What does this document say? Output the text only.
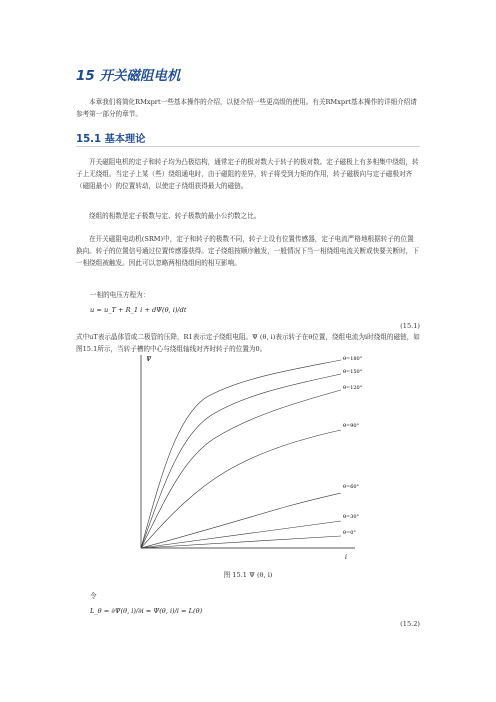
15 开关磁阻电机

本章我们将简化RMxprt一些基本操作的介绍，以便介绍一些更高级的使用。有关RMxprt基本操作的详细介绍请参考第一部分的章节。

15.1 基本理论

开关磁阻电机的定子和转子均为凸极结构，通常定子的极对数大于转子的极对数。定子磁极上有多相集中绕组，转子上无绕组。当定子上某（些）绕组通电时，由于磁阻的差异，转子将受到力矩的作用，转子磁极向与定子磁极对齐（磁阻最小）的位置转动，以使定子绕组获得最大的磁链。

绕组的相数是定子极数与定、转子极数的最小公约数之比。

在开关磁阻电动机(SRM)中，定子和转子的极数不同，转子上设有位置传感器，定子电流严格地根据转子的位置换向。转子的位置信号通过位置传感器获得。定子绕组按顺序触发，一般情况下当一相绕组电流关断或快要关断时，下一相绕组被触发。因此可以忽略两相绕组间的相互影响。

一相的电压方程为：
u = u_T + R_1 i + dΨ(θ, i)/dt
(15.1)

式中uT表示晶体管或二极管的压降，R1表示定子绕组电阻。Ψ (θ, i)表示转子在θ位置，绕组电流为i时绕组的磁链，如图15.1所示，当转子槽的中心与绕组轴线对齐时转子的位置为0。

Ψ
i
θ=180°
θ=150°
θ=120°
θ=90°
θ=60°
θ=30°
θ=0°
图 15.1 Ψ (θ, i)
令
L_θ = ∂Ψ(θ, i)/∂i ≈ Ψ(θ, i)/i = L(θ)
(15.2)
